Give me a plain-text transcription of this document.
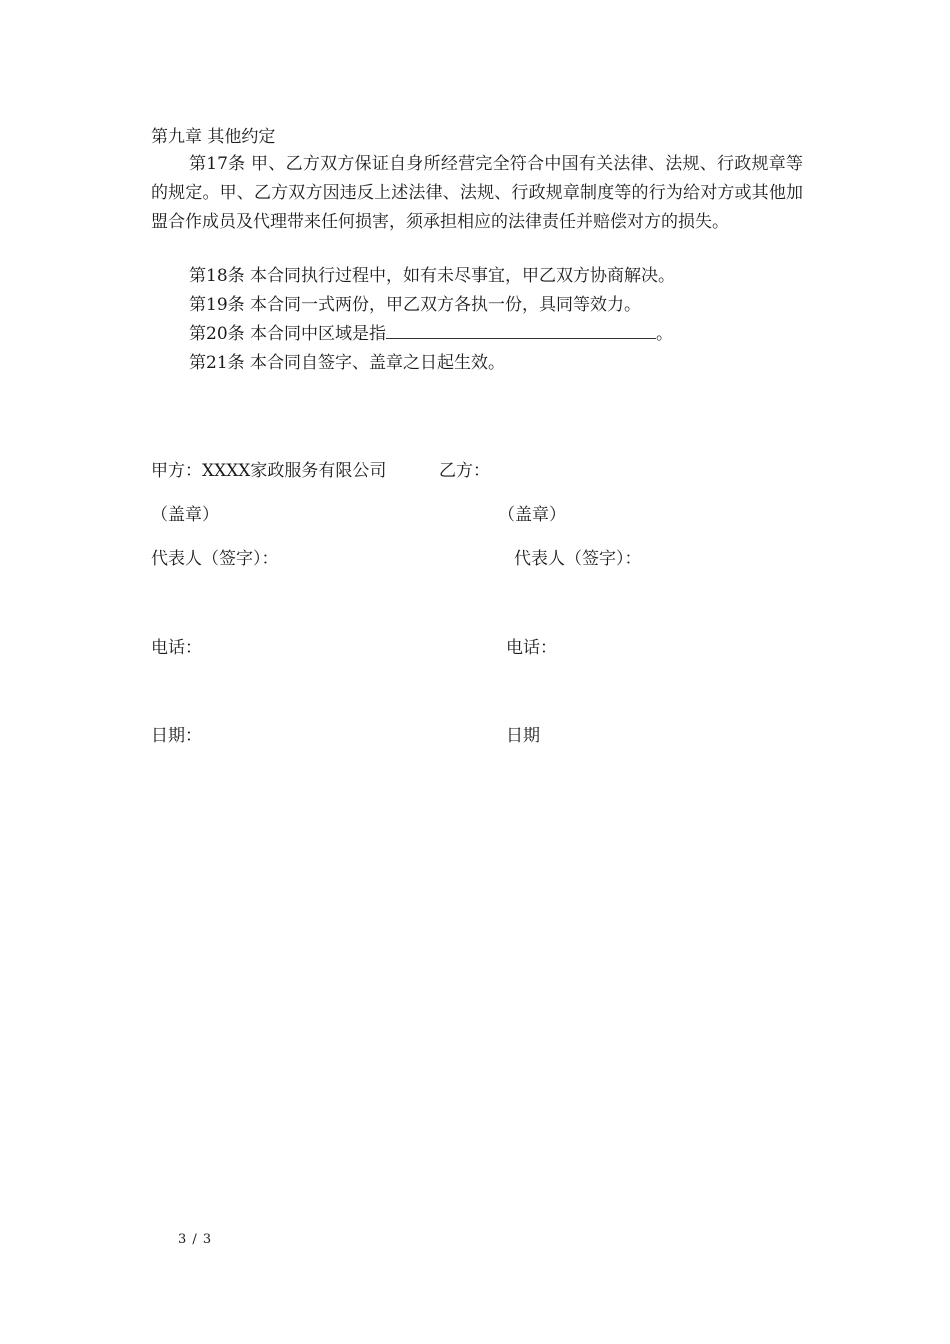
第九章 其他约定
第17条 甲、乙方双方保证自身所经营完全符合中国有关法律、法规、行政规章等的规定。甲、乙方双方因违反上述法律、法规、行政规章制度等的行为给对方或其他加盟合作成员及代理带来任何损害，须承担相应的法律责任并赔偿对方的损失。
第18条 本合同执行过程中，如有未尽事宜，甲乙双方协商解决。
第19条 本合同一式两份，甲乙双方各执一份，具同等效力。
第20条 本合同中区域是指	。
第21条 本合同自签字、盖章之日起生效。
甲方：XXXX家政服务有限公司	乙方：
（盖章）	（盖章）
代表人（签字）：	代表人（签字）：
电话：	电话：
日期：	日期
3 / 3
